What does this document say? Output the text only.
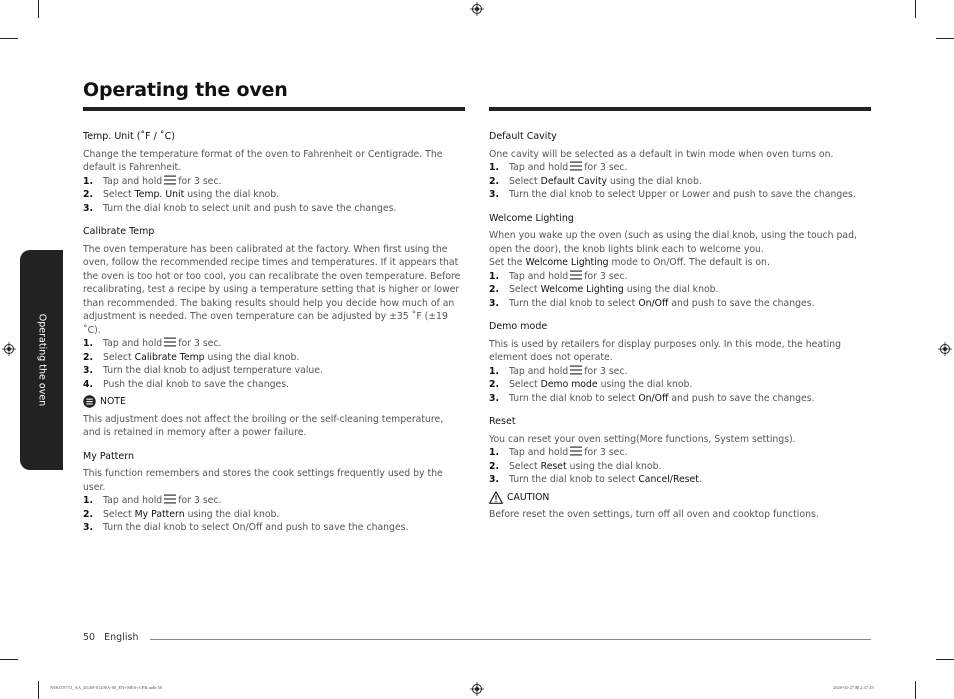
Operating the oven
Operating the oven
Temp. Unit (˚F / ˚C)
Change the temperature format of the oven to Fahrenheit or Centigrade. The default is Fahrenheit.
1.	Tap and hold for 3 sec.
2.	Select Temp. Unit using the dial knob.
3.	Turn the dial knob to select unit and push to save the changes.
Calibrate Temp
The oven temperature has been calibrated at the factory. When first using the oven, follow the recommended recipe times and temperatures. If it appears that the oven is too hot or too cool, you can recalibrate the oven temperature. Before recalibrating, test a recipe by using a temperature setting that is higher or lower than recommended. The baking results should help you decide how much of an adjustment is needed. The oven temperature can be adjusted by ±35 ˚F (±19 ˚C).
1.	Tap and hold for 3 sec.
2.	Select Calibrate Temp using the dial knob.
3.	Turn the dial knob to adjust temperature value.
4.	Push the dial knob to save the changes.
NOTE
This adjustment does not affect the broiling or the self-cleaning temperature, and is retained in memory after a power failure.
My Pattern
This function remembers and stores the cook settings frequently used by the user.
1.	Tap and hold for 3 sec.
2.	Select My Pattern using the dial knob.
3.	Turn the dial knob to select On/Off and push to save the changes.
Default Cavity
One cavity will be selected as a default in twin mode when oven turns on.
1.	Tap and hold for 3 sec.
2.	Select Default Cavity using the dial knob.
3.	Turn the dial knob to select Upper or Lower and push to save the changes.
Welcome Lighting
When you wake up the oven (such as using the dial knob, using the touch pad, open the door), the knob lights blink each to welcome you.
Set the Welcome Lighting mode to On/Off. The default is on.
1.	Tap and hold for 3 sec.
2.	Select Welcome Lighting using the dial knob.
3.	Turn the dial knob to select On/Off and push to save the changes.
Demo mode
This is used by retailers for display purposes only. In this mode, the heating element does not operate.
1.	Tap and hold for 3 sec.
2.	Select Demo mode using the dial knob.
3.	Turn the dial knob to select On/Off and push to save the changes.
Reset
You can reset your oven setting(More functions, System settings).
1.	Tap and hold for 3 sec.
2.	Select Reset using the dial knob.
3.	Turn the dial knob to select Cancel/Reset.
CAUTION
Before reset the oven settings, turn off all oven and cooktop functions.
50 English
NE63T8751_AA_DG68-01200A-00_EN+MES+CFR.indb 50	2020-03-27 ⊞ 2:47:49
